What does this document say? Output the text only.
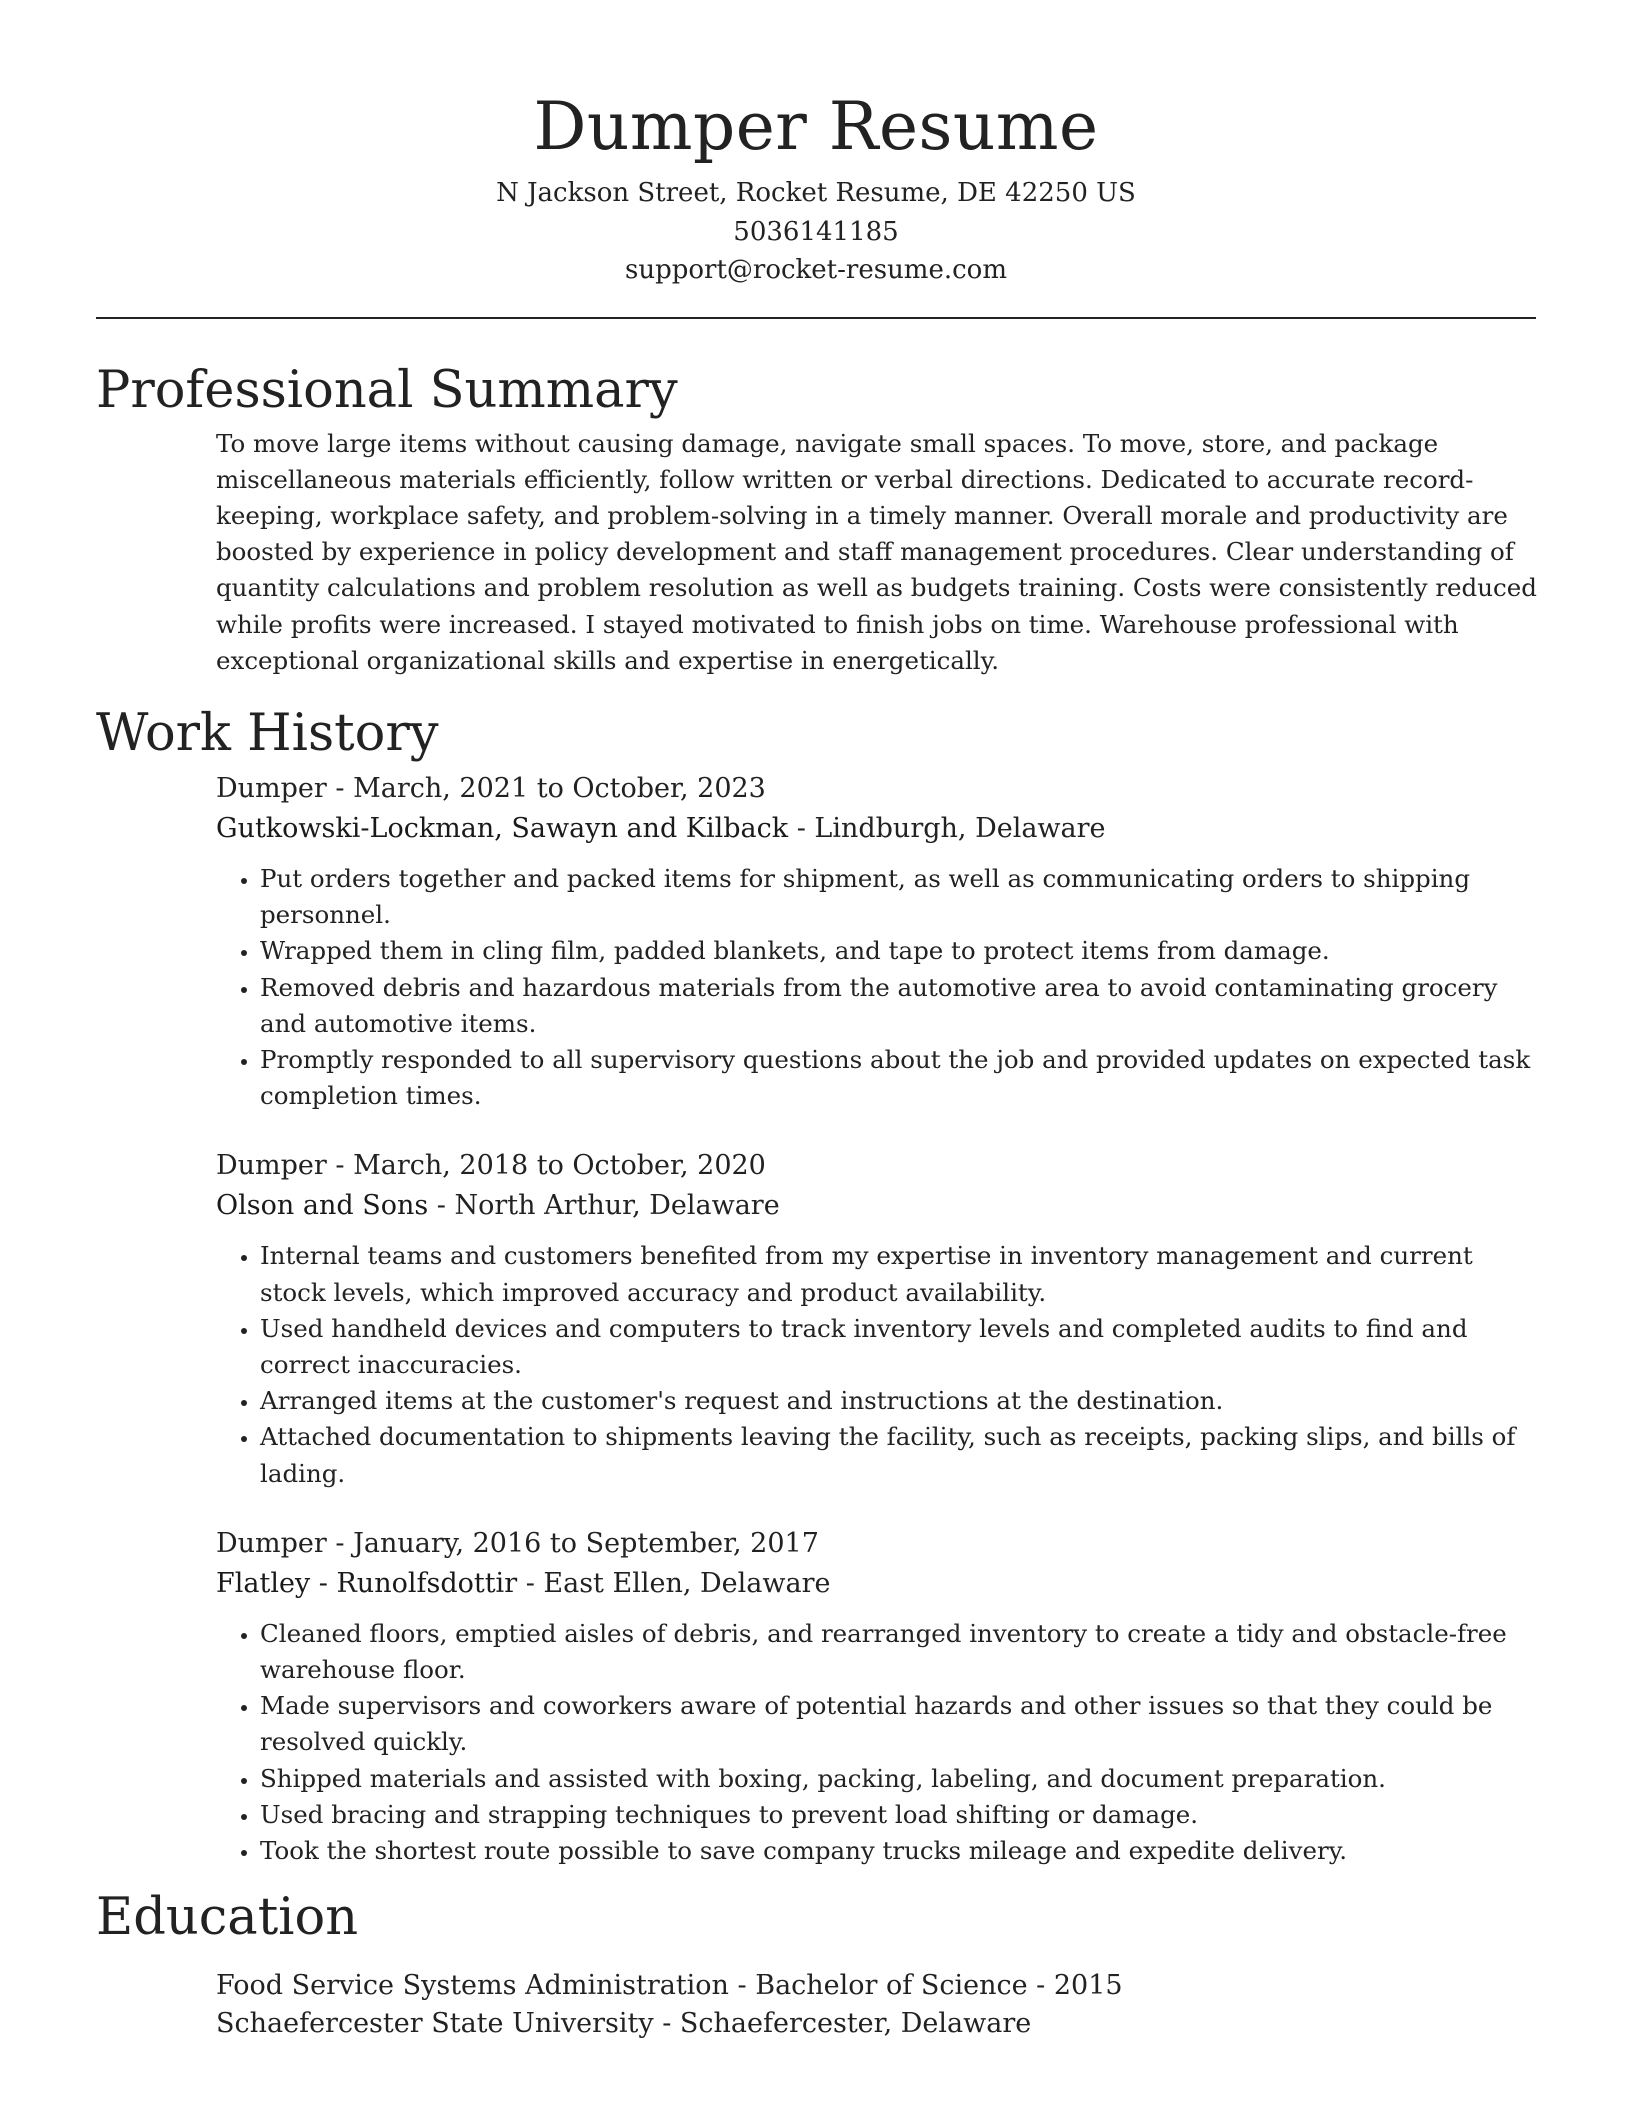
Dumper Resume
N Jackson Street, Rocket Resume, DE 42250 US
5036141185
support@rocket-resume.com
Professional Summary

To move large items without causing damage, navigate small spaces. To move, store, and package miscellaneous materials efficiently, follow written or verbal directions. Dedicated to accurate record-keeping, workplace safety, and problem-solving in a timely manner. Overall morale and productivity are boosted by experience in policy development and staff management procedures. Clear understanding of quantity calculations and problem resolution as well as budgets training. Costs were consistently reduced while profits were increased. I stayed motivated to finish jobs on time. Warehouse professional with exceptional organizational skills and expertise in energetically.

Work History
Dumper - March, 2021 to October, 2023
Gutkowski-Lockman, Sawayn and Kilback - Lindburgh, Delaware
• Put orders together and packed items for shipment, as well as communicating orders to shipping personnel.
• Wrapped them in cling film, padded blankets, and tape to protect items from damage.
• Removed debris and hazardous materials from the automotive area to avoid contaminating grocery and automotive items.
• Promptly responded to all supervisory questions about the job and provided updates on expected task completion times.
Dumper - March, 2018 to October, 2020
Olson and Sons - North Arthur, Delaware
• Internal teams and customers benefited from my expertise in inventory management and current stock levels, which improved accuracy and product availability.
• Used handheld devices and computers to track inventory levels and completed audits to find and correct inaccuracies.
• Arranged items at the customer's request and instructions at the destination.
• Attached documentation to shipments leaving the facility, such as receipts, packing slips, and bills of lading.
Dumper - January, 2016 to September, 2017
Flatley - Runolfsdottir - East Ellen, Delaware
• Cleaned floors, emptied aisles of debris, and rearranged inventory to create a tidy and obstacle-free warehouse floor.
• Made supervisors and coworkers aware of potential hazards and other issues so that they could be resolved quickly.
• Shipped materials and assisted with boxing, packing, labeling, and document preparation.
• Used bracing and strapping techniques to prevent load shifting or damage.
• Took the shortest route possible to save company trucks mileage and expedite delivery.
Education
Food Service Systems Administration - Bachelor of Science - 2015
Schaefercester State University - Schaefercester, Delaware
